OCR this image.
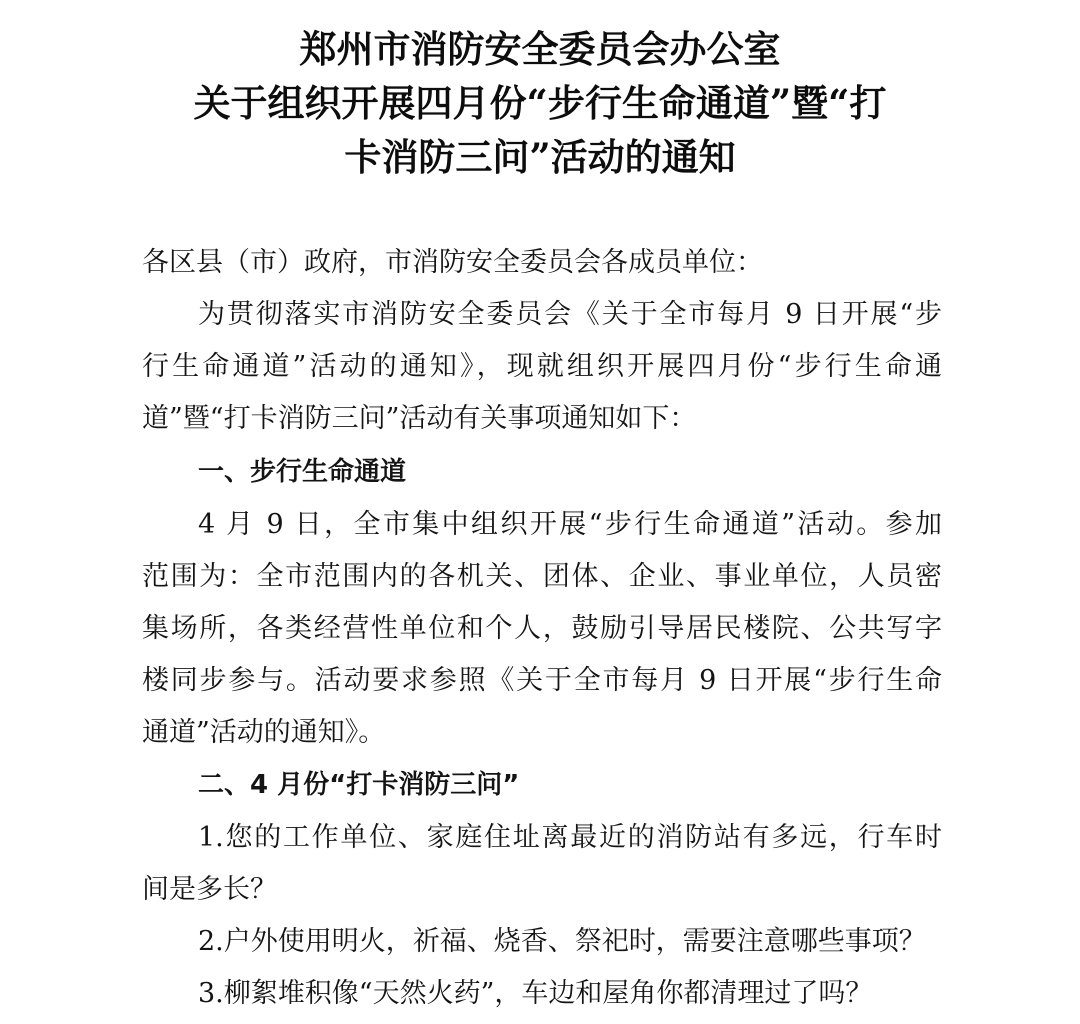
郑州市消防安全委员会办公室
关于组织开展四月份“步行生命通道”暨“打
卡消防三问”活动的通知
各区县（市）政府，市消防安全委员会各成员单位：
为贯彻落实市消防安全委员会《关于全市每月 9 日开展“步
行生命通道”活动的通知》，现就组织开展四月份“步行生命通
道”暨“打卡消防三问”活动有关事项通知如下：
一、步行生命通道
4 月 9 日，全市集中组织开展“步行生命通道”活动。参加
范围为：全市范围内的各机关、团体、企业、事业单位，人员密
集场所，各类经营性单位和个人，鼓励引导居民楼院、公共写字
楼同步参与。活动要求参照《关于全市每月 9 日开展“步行生命
通道”活动的通知》。
二、4 月份“打卡消防三问”
1.您的工作单位、家庭住址离最近的消防站有多远，行车时
间是多长？
2.户外使用明火，祈福、烧香、祭祀时，需要注意哪些事项？
3.柳絮堆积像“天然火药”，车边和屋角你都清理过了吗？
